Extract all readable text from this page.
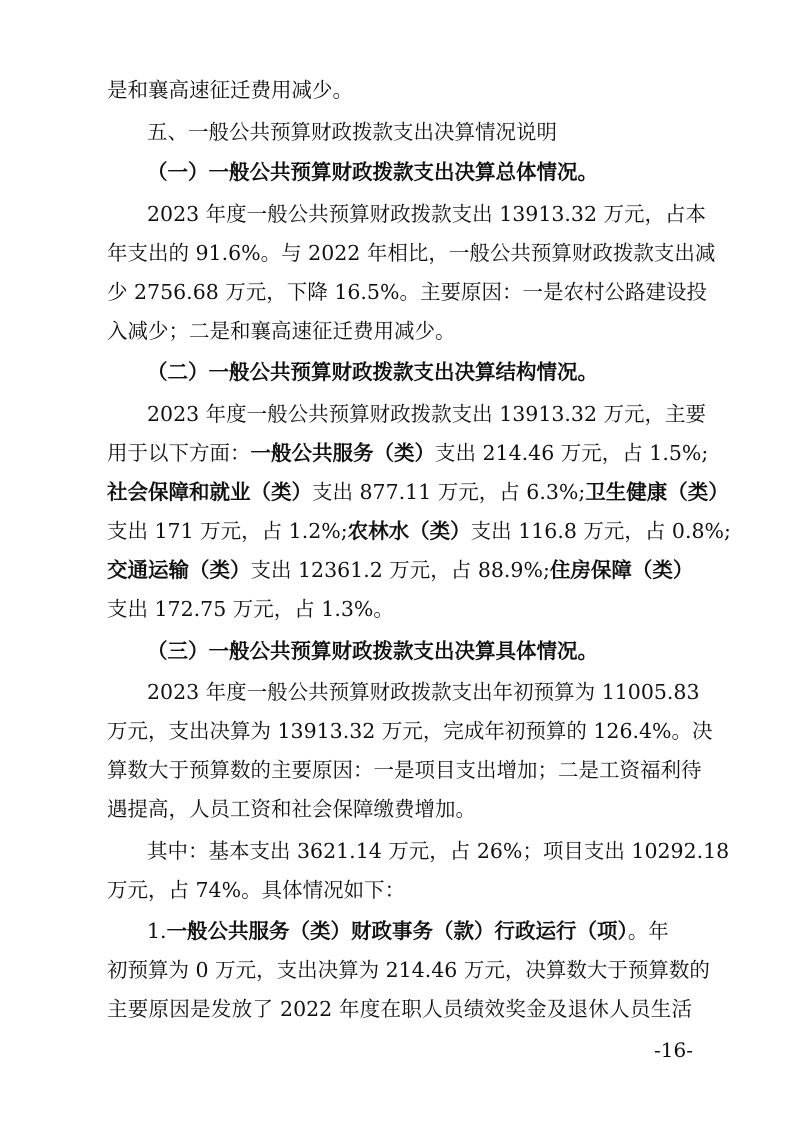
是和襄高速征迁费用减少。
五、一般公共预算财政拨款支出决算情况说明
（一）一般公共预算财政拨款支出决算总体情况。
2023 年度一般公共预算财政拨款支出 13913.32 万元，占本
年支出的 91.6%。与 2022 年相比，一般公共预算财政拨款支出减
少 2756.68 万元，下降 16.5%。主要原因：一是农村公路建设投
入减少；二是和襄高速征迁费用减少。
（二）一般公共预算财政拨款支出决算结构情况。
2023 年度一般公共预算财政拨款支出 13913.32 万元，主要
用于以下方面：一般公共服务（类）支出 214.46 万元，占 1.5%;
社会保障和就业（类）支出 877.11 万元，占 6.3%;卫生健康（类）
支出 171 万元，占 1.2%;农林水（类）支出 116.8 万元，占 0.8%;
交通运输（类）支出 12361.2 万元，占 88.9%;住房保障（类）
支出 172.75 万元，占 1.3%。
（三）一般公共预算财政拨款支出决算具体情况。
2023 年度一般公共预算财政拨款支出年初预算为 11005.83
万元，支出决算为 13913.32 万元，完成年初预算的 126.4%。决
算数大于预算数的主要原因：一是项目支出增加；二是工资福利待
遇提高，人员工资和社会保障缴费增加。
其中：基本支出 3621.14 万元，占 26%；项目支出 10292.18
万元，占 74%。具体情况如下：
1.一般公共服务（类）财政事务（款）行政运行（项）。年
初预算为 0 万元，支出决算为 214.46 万元，决算数大于预算数的
主要原因是发放了 2022 年度在职人员绩效奖金及退休人员生活
-16-
